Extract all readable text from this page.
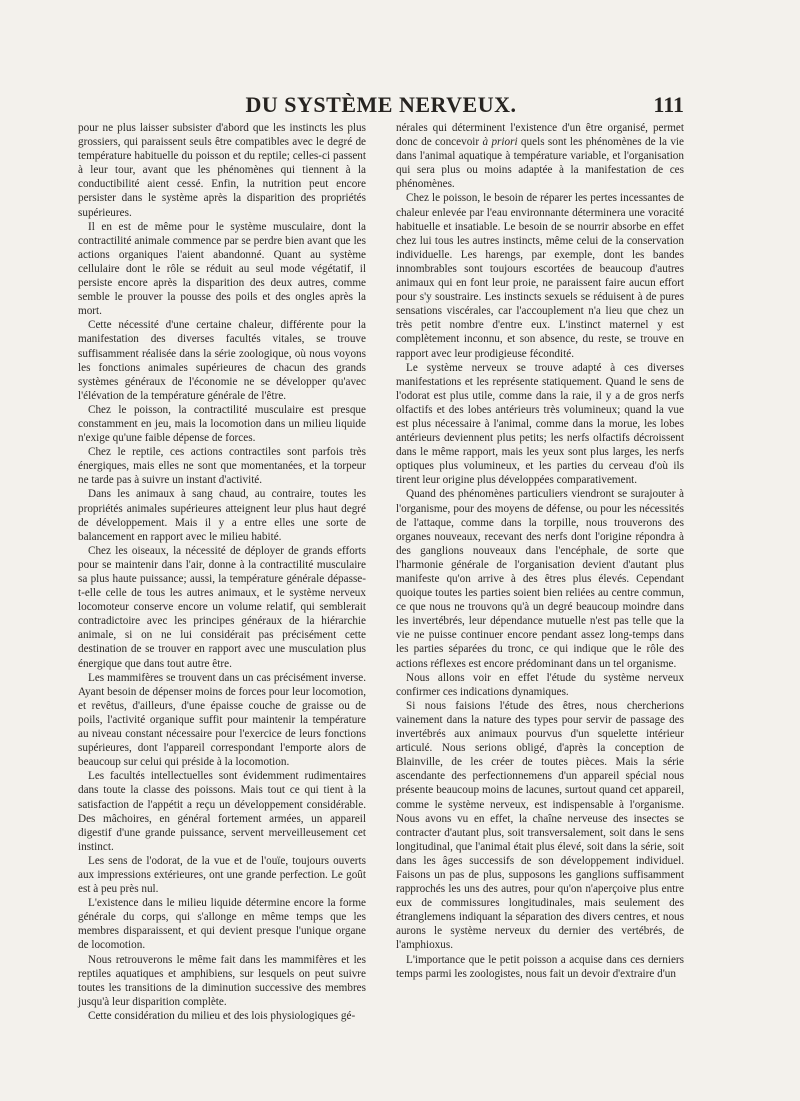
DU SYSTÈME NERVEUX.	111

pour ne plus laisser subsister d'abord que les instincts les plus grossiers, qui paraissent seuls être compatibles avec le degré de température habituelle du poisson et du reptile; celles-ci passent à leur tour, avant que les phénomènes qui tiennent à la conductibilité aient cessé. Enfin, la nutrition peut encore persister dans le système après la disparition des propriétés supérieures.

Il en est de même pour le système musculaire, dont la contractilité animale commence par se perdre bien avant que les actions organiques l'aient abandonné. Quant au système cellulaire dont le rôle se réduit au seul mode végétatif, il persiste encore après la disparition des deux autres, comme semble le prouver la pousse des poils et des ongles après la mort.

Cette nécessité d'une certaine chaleur, différente pour la manifestation des diverses facultés vitales, se trouve suffisamment réalisée dans la série zoologique, où nous voyons les fonctions animales supérieures de chacun des grands systèmes généraux de l'économie ne se développer qu'avec l'élévation de la température générale de l'être.

Chez le poisson, la contractilité musculaire est presque constamment en jeu, mais la locomotion dans un milieu liquide n'exige qu'une faible dépense de forces.

Chez le reptile, ces actions contractiles sont parfois très énergiques, mais elles ne sont que momentanées, et la torpeur ne tarde pas à suivre un instant d'activité.

Dans les animaux à sang chaud, au contraire, toutes les propriétés animales supérieures atteignent leur plus haut degré de développement. Mais il y a entre elles une sorte de balancement en rapport avec le milieu habité.

Chez les oiseaux, la nécessité de déployer de grands efforts pour se maintenir dans l'air, donne à la contractilité musculaire sa plus haute puissance; aussi, la température générale dépasse-t-elle celle de tous les autres animaux, et le système nerveux locomoteur conserve encore un volume relatif, qui semblerait contradictoire avec les principes généraux de la hiérarchie animale, si on ne lui considérait pas précisément cette destination de se trouver en rapport avec une musculation plus énergique que dans tout autre être.

Les mammifères se trouvent dans un cas précisément inverse. Ayant besoin de dépenser moins de forces pour leur locomotion, et revêtus, d'ailleurs, d'une épaisse couche de graisse ou de poils, l'activité organique suffit pour maintenir la température au niveau constant nécessaire pour l'exercice de leurs fonctions supérieures, dont l'appareil correspondant l'emporte alors de beaucoup sur celui qui préside à la locomotion.

Les facultés intellectuelles sont évidemment rudimentaires dans toute la classe des poissons. Mais tout ce qui tient à la satisfaction de l'appétit a reçu un développement considérable. Des mâchoires, en général fortement armées, un appareil digestif d'une grande puissance, servent merveilleusement cet instinct.

Les sens de l'odorat, de la vue et de l'ouïe, toujours ouverts aux impressions extérieures, ont une grande perfection. Le goût est à peu près nul.

L'existence dans le milieu liquide détermine encore la forme générale du corps, qui s'allonge en même temps que les membres disparaissent, et qui devient presque l'unique organe de locomotion.

Nous retrouverons le même fait dans les mammifères et les reptiles aquatiques et amphibiens, sur lesquels on peut suivre toutes les transitions de la diminution successive des membres jusqu'à leur disparition complète.

Cette considération du milieu et des lois physiologiques gé-

nérales qui déterminent l'existence d'un être organisé, permet donc de concevoir à priori quels sont les phénomènes de la vie dans l'animal aquatique à température variable, et l'organisation qui sera plus ou moins adaptée à la manifestation de ces phénomènes.

Chez le poisson, le besoin de réparer les pertes incessantes de chaleur enlevée par l'eau environnante déterminera une voracité habituelle et insatiable. Le besoin de se nourrir absorbe en effet chez lui tous les autres instincts, même celui de la conservation individuelle. Les harengs, par exemple, dont les bandes innombrables sont toujours escortées de beaucoup d'autres animaux qui en font leur proie, ne paraissent faire aucun effort pour s'y soustraire. Les instincts sexuels se réduisent à de pures sensations viscérales, car l'accouplement n'a lieu que chez un très petit nombre d'entre eux. L'instinct maternel y est complètement inconnu, et son absence, du reste, se trouve en rapport avec leur prodigieuse fécondité.

Le système nerveux se trouve adapté à ces diverses manifestations et les représente statiquement. Quand le sens de l'odorat est plus utile, comme dans la raie, il y a de gros nerfs olfactifs et des lobes antérieurs très volumineux; quand la vue est plus nécessaire à l'animal, comme dans la morue, les lobes antérieurs deviennent plus petits; les nerfs olfactifs décroissent dans le même rapport, mais les yeux sont plus larges, les nerfs optiques plus volumineux, et les parties du cerveau d'où ils tirent leur origine plus développées comparativement.

Quand des phénomènes particuliers viendront se surajouter à l'organisme, pour des moyens de défense, ou pour les nécessités de l'attaque, comme dans la torpille, nous trouverons des organes nouveaux, recevant des nerfs dont l'origine répondra à des ganglions nouveaux dans l'encéphale, de sorte que l'harmonie générale de l'organisation devient d'autant plus manifeste qu'on arrive à des êtres plus élevés. Cependant quoique toutes les parties soient bien reliées au centre commun, ce que nous ne trouvons qu'à un degré beaucoup moindre dans les invertébrés, leur dépendance mutuelle n'est pas telle que la vie ne puisse continuer encore pendant assez long-temps dans les parties séparées du tronc, ce qui indique que le rôle des actions réflexes est encore prédominant dans un tel organisme.

Nous allons voir en effet l'étude du système nerveux confirmer ces indications dynamiques.

Si nous faisions l'étude des êtres, nous chercherions vainement dans la nature des types pour servir de passage des invertébrés aux animaux pourvus d'un squelette intérieur articulé. Nous serions obligé, d'après la conception de Blainville, de les créer de toutes pièces. Mais la série ascendante des perfectionnemens d'un appareil spécial nous présente beaucoup moins de lacunes, surtout quand cet appareil, comme le système nerveux, est indispensable à l'organisme. Nous avons vu en effet, la chaîne nerveuse des insectes se contracter d'autant plus, soit transversalement, soit dans le sens longitudinal, que l'animal était plus élevé, soit dans la série, soit dans les âges successifs de son développement individuel. Faisons un pas de plus, supposons les ganglions suffisamment rapprochés les uns des autres, pour qu'on n'aperçoive plus entre eux de commissures longitudinales, mais seulement des étranglemens indiquant la séparation des divers centres, et nous aurons le système nerveux du dernier des vertébrés, de l'amphioxus.

L'importance que le petit poisson a acquise dans ces derniers temps parmi les zoologistes, nous fait un devoir d'extraire d'un
